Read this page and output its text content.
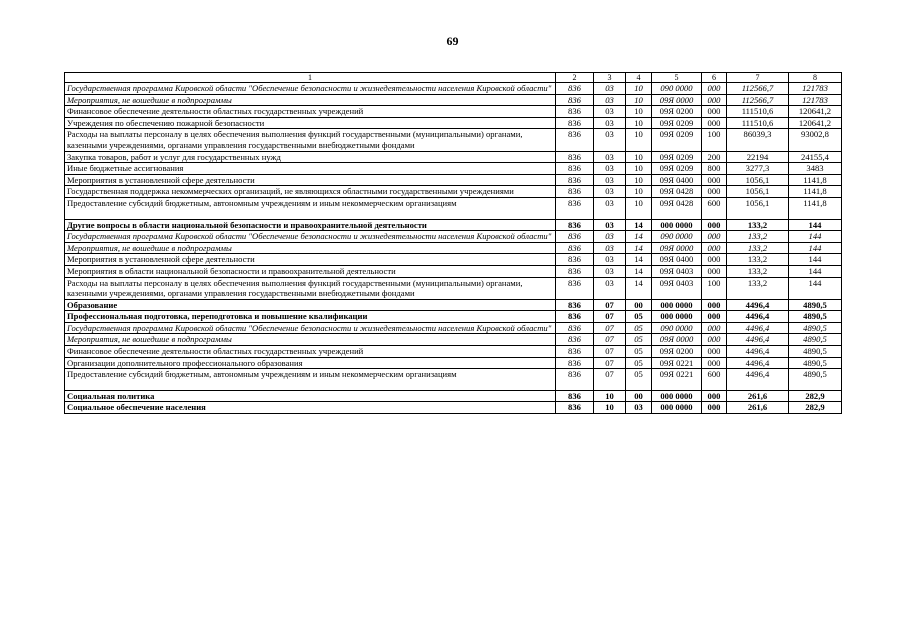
69
1	2	3	4	5	6	7	8
Государственная программа Кировской области "Обеспечение безопасности и жизнедеятельности населения Кировской области"	836	03	10	090 0000	000	112566,7	121783
Мероприятия, не вошедшие в подпрограммы	836	03	10	09Я 0000	000	112566,7	121783
Финансовое обеспечение деятельности областных государственных учреждений	836	03	10	09Я 0200	000	111510,6	120641,2
Учреждения по обеспечению пожарной безопасности	836	03	10	09Я 0209	000	111510,6	120641,2
Расходы на выплаты персоналу в целях обеспечения выполнения функций государственными (муниципальными) органами, казенными учреждениями, органами управления государственными внебюджетными фондами	836	03	10	09Я 0209	100	86039,3	93002,8
Закупка товаров, работ и услуг для государственных нужд	836	03	10	09Я 0209	200	22194	24155,4
Иные бюджетные ассигнования	836	03	10	09Я 0209	800	3277,3	3483
Мероприятия в установленной сфере деятельности	836	03	10	09Я 0400	000	1056,1	1141,8
Государственная поддержка некоммерческих организаций, не являющихся областными государственными учреждениями	836	03	10	09Я 0428	000	1056,1	1141,8
Предоставление субсидий бюджетным, автономным учреждениям и иным некоммерческим организациям	836	03	10	09Я 0428	600	1056,1	1141,8
Другие вопросы в области национальной безопасности и правоохранительной деятельности	836	03	14	000 0000	000	133,2	144
Государственная программа Кировской области "Обеспечение безопасности и жизнедеятельности населения Кировской области"	836	03	14	090 0000	000	133,2	144
Мероприятия, не вошедшие в подпрограммы	836	03	14	09Я 0000	000	133,2	144
Мероприятия в установленной сфере деятельности	836	03	14	09Я 0400	000	133,2	144
Мероприятия в области национальной безопасности и правоохранительной деятельности	836	03	14	09Я 0403	000	133,2	144
Расходы на выплаты персоналу в целях обеспечения выполнения функций государственными (муниципальными) органами, казенными учреждениями, органами управления государственными внебюджетными фондами	836	03	14	09Я 0403	100	133,2	144
Образование	836	07	00	000 0000	000	4496,4	4890,5
Профессиональная подготовка, переподготовка и повышение квалификации	836	07	05	000 0000	000	4496,4	4890,5
Государственная программа Кировской области "Обеспечение безопасности и жизнедеятельности населения Кировской области"	836	07	05	090 0000	000	4496,4	4890,5
Мероприятия, не вошедшие в подпрограммы	836	07	05	09Я 0000	000	4496,4	4890,5
Финансовое обеспечение деятельности областных государственных учреждений	836	07	05	09Я 0200	000	4496,4	4890,5
Организации дополнительного профессионального образования	836	07	05	09Я 0221	000	4496,4	4890,5
Предоставление субсидий бюджетным, автономным учреждениям и иным некоммерческим организациям	836	07	05	09Я 0221	600	4496,4	4890,5
Социальная политика	836	10	00	000 0000	000	261,6	282,9
Социальное обеспечение населения	836	10	03	000 0000	000	261,6	282,9
